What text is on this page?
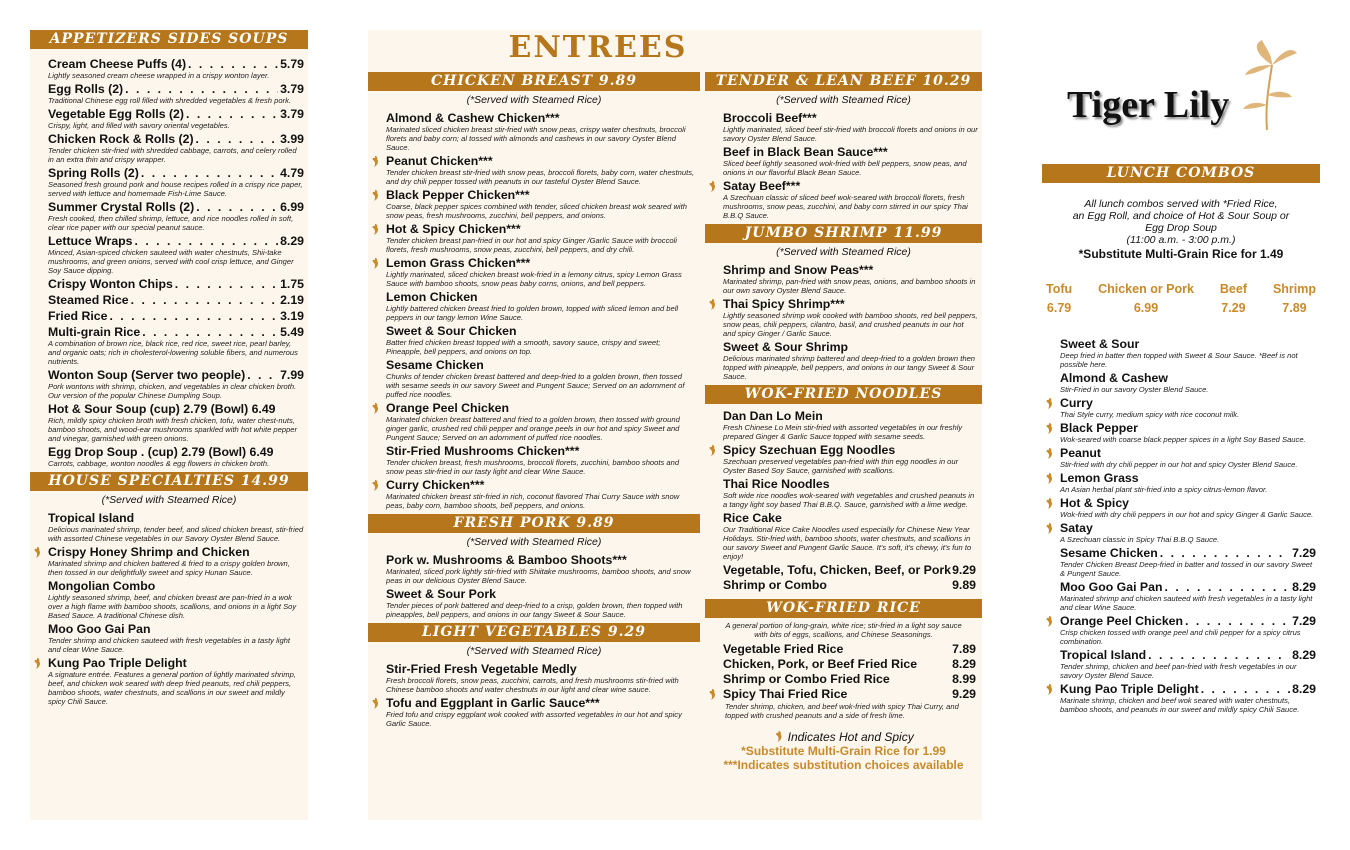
APPETIZERS SIDES SOUPS
Cream Cheese Puffs (4) . . .	5.79
Lightly seasoned cream cheese wrapped in a crispy wonton layer.
Egg Rolls (2) . . .	3.79
Traditional Chinese egg roll filled with shredded vegetables & fresh pork.
Vegetable Egg Rolls (2) . . .	3.79
Crispy, light, and filled with savory oriental vegetables.
Chicken Rock & Rolls (2) . . .	3.99
Tender chicken stir-fried with shredded cabbage, carrots, and celery rolled in an extra thin and crispy wrapper.
Spring Rolls (2) . . .	4.79
Seasoned fresh ground pork and house recipes rolled in a crispy rice paper, served with lettuce and homemade Fish-Lime Sauce.
Summer Crystal Rolls (2) . . .	6.99
Fresh cooked, then chilled shrimp, lettuce, and rice noodles rolled in soft, clear rice paper with our special peanut sauce.
Lettuce Wraps . . .	8.29
Minced, Asian-spiced chicken sauteed with water chestnuts, Shii-take mushrooms, and green onions, served with cool crisp lettuce, and Ginger Soy Sauce dipping.
Crispy Wonton Chips . . .	1.75
Steamed Rice . . .	2.19
Fried Rice . . .	3.19
Multi-grain Rice . . .	5.49
A combination of brown rice, black rice, red rice, sweet rice, pearl barley, and organic oats; rich in cholesterol-lowering soluble fibers, and numerous nutrients.
Wonton Soup (Server two people) . . .	7.99
Pork wontons with shrimp, chicken, and vegetables in clear chicken broth. Our version of the popular Chinese Dumpling Soup.
Hot & Sour Soup (cup) 2.79 (Bowl) 6.49
Rich, mildly spicy chicken broth with fresh chicken, tofu, water chest-nuts, bamboo shoots, and wood-ear mushrooms sparkled with hot white pepper and vinegar, garnished with green onions.
Egg Drop Soup . (cup) 2.79 (Bowl) 6.49
Carrots, cabbage, wonton noodles & egg flowers in chicken broth.
HOUSE SPECIALTIES 14.99
(*Served with Steamed Rice)
Tropical Island
Delicious marinated shrimp, tender beef, and sliced chicken breast, stir-fried with assorted Chinese vegetables in our Savory Oyster Blend Sauce.
Crispy Honey Shrimp and Chicken
Marinated shrimp and chicken battered & fried to a crispy golden brown, then tossed in our delightfully sweet and spicy Hunan Sauce.
Mongolian Combo
Lightly seasoned shrimp, beef, and chicken breast are pan-fried in a wok over a high flame with bamboo shoots, scallions, and onions in a light Soy Based Sauce. A traditional Chinese dish.
Moo Goo Gai Pan
Tender shrimp and chicken sauteed with fresh vegetables in a tasty light and clear Wine Sauce.
Kung Pao Triple Delight
A signature entrée. Features a general portion of lightly marinated shrimp, beef, and chicken wok seared with deep fried peanuts, red chili peppers, bamboo shoots, water chestnuts, and scallions in our sweet and mildly spicy Chili Sauce.
ENTREES
CHICKEN BREAST 9.89
(*Served with Steamed Rice)
Almond & Cashew Chicken***
Marinated sliced chicken breast stir-fried with snow peas, crispy water chestnuts, broccoli florets and baby corn; al tossed with almonds and cashews in our savory Oyster Blend Sauce.
Peanut Chicken***
Tender chicken breast stir-fried with snow peas, broccoli florets, baby corn, water chestnuts, and dry chili pepper tossed with peanuts in our tasteful Oyster Blend Sauce.
Black Pepper Chicken***
Coarse, black pepper spices combined with tender, sliced chicken breast wok seared with snow peas, fresh mushrooms, zucchini, bell peppers, and onions.
Hot & Spicy Chicken***
Tender chicken breast pan-fried in our hot and spicy Ginger /Garlic Sauce with broccoli florets, fresh mushrooms, snow peas, zucchini, bell peppers, and dry chili.
Lemon Grass Chicken***
Lightly marinated, sliced chicken breast wok-fried in a lemony citrus, spicy Lemon Grass Sauce with bamboo shoots, snow peas baby corns, onions, and bell peppers.
Lemon Chicken
Lightly battered chicken breast fried to golden brown, topped with sliced lemon and bell peppers in our tangy lemon Wine Sauce.
Sweet & Sour Chicken
Batter fried chicken breast topped with a smooth, savory sauce, crispy and sweet; Pineapple, bell peppers, and onions on top.
Sesame Chicken
Chunks of tender chicken breast battered and deep-fried to a golden brown, then tossed with sesame seeds in our savory Sweet and Pungent Sauce; Served on an adornment of puffed rice noodles.
Orange Peel Chicken
Marinated chicken breast battered and fried to a golden brown, then tossed with ground ginger garlic, crushed red chili pepper and orange peels in our hot and spicy Sweet and Pungent Sauce; Served on an adornment of puffed rice noodles.
Stir-Fried Mushrooms Chicken***
Tender chicken breast, fresh mushrooms, broccoli florets, zucchini, bamboo shoots and snow peas stir-fried in our tasty light and clear Wine Sauce.
Curry Chicken***
Marinated chicken breast stir-fried in rich, coconut flavored Thai Curry Sauce with snow peas, baby corn, bamboo shoots, bell peppers, and onions.
FRESH PORK 9.89
(*Served with Steamed Rice)
Pork w. Mushrooms & Bamboo Shoots***
Marinated, sliced pork lightly stir-fried with Shiitake mushrooms, bamboo shoots, and snow peas in our delicious Oyster Blend Sauce.
Sweet & Sour Pork
Tender pieces of pork battered and deep-fried to a crisp, golden brown, then topped with pineapples, bell peppers, and onions in our tangy Sweet & Sour Sauce.
LIGHT VEGETABLES 9.29
(*Served with Steamed Rice)
Stir-Fried Fresh Vegetable Medly
Fresh broccoli florets, snow peas, zucchini, carrots, and fresh mushrooms stir-fried with Chinese bamboo shoots and water chestnuts in our light and clear wine sauce.
Tofu and Eggplant in Garlic Sauce***
Fried tofu and crispy eggplant wok cooked with assorted vegetables in our hot and spicy Garlic Sauce.
TENDER & LEAN BEEF 10.29
(*Served with Steamed Rice)
Broccoli Beef***
Lightly marinated, sliced beef stir-fried with broccoli florets and onions in our savory Oyster Blend Sauce.
Beef in Black Bean Sauce***
Sliced beef lightly seasoned wok-fried with bell peppers, snow peas, and onions in our flavorful Black Bean Sauce.
Satay Beef***
A Szechuan classic of sliced beef wok-seared with broccoli florets, fresh mushrooms, snow peas, zucchini, and baby corn stirred in our spicy Thai B.B.Q Sauce.
JUMBO SHRIMP 11.99
(*Served with Steamed Rice)
Shrimp and Snow Peas***
Marinated shrimp, pan-fried with snow peas, onions, and bamboo shoots in our own savory Oyster Blend Sauce.
Thai Spicy Shrimp***
Lightly seasoned shrimp wok cooked with bamboo shoots, red bell peppers, snow peas, chili peppers, cilantro, basil, and crushed peanuts in our hot and spicy Ginger / Garlic Sauce.
Sweet & Sour Shrimp
Delicious marinated shrimp battered and deep-fried to a golden brown then topped with pineapple, bell peppers, and onions in our tangy Sweet & Sour Sauce.
WOK-FRIED NOODLES
Dan Dan Lo Mein
Fresh Chinese Lo Mein stir-fried with assorted vegetables in our freshly prepared Ginger & Garlic Sauce topped with sesame seeds.
Spicy Szechuan Egg Noodles
Szechuan preserved vegetables pan-fried with thin egg noodles in our Oyster Based Soy Sauce, garnished with scallions.
Thai Rice Noodles
Soft wide rice noodles wok-seared with vegetables and crushed peanuts in a tangy light soy based Thai B.B.Q. Sauce, garnished with a lime wedge.
Rice Cake
Our Traditional Rice Cake Noodles used especially for Chinese New Year Holidays. Stir-fried with, bamboo shoots, water chestnuts, and scallions in our savory Sweet and Pungent Garlic Sauce. It's soft, it's chewy, it's fun to enjoy!
Vegetable, Tofu, Chicken, Beef, or Pork 9.29
Shrimp or Combo	9.89
WOK-FRIED RICE
A general portion of long-grain, white rice; stir-fried in a light soy sauce with bits of eggs, scallions, and Chinese Seasonings.
Vegetable Fried Rice	7.89
Chicken, Pork, or Beef Fried Rice	8.29
Shrimp or Combo Fried Rice	8.99
Spicy Thai Fried Rice	9.29
Tender shrimp, chicken, and beef wok-fried with spicy Thai Curry, and topped with crushed peanuts and a side of fresh lime.
Indicates Hot and Spicy
*Substitute Multi-Grain Rice for 1.99
***Indicates substitution choices available
Tiger Lily
LUNCH COMBOS
All lunch combos served with *Fried Rice,
an Egg Roll, and choice of Hot & Sour Soup or Egg Drop Soup
(11:00 a.m. - 3:00 p.m.)
*Substitute Multi-Grain Rice for 1.49
Tofu
6.79
Chicken or Pork
6.99
Beef
7.29
Shrimp
7.89
Sweet & Sour
Deep fried in batter then topped with Sweet & Sour Sauce. *Beef is not possible here.
Almond & Cashew
Stir-Fried in our savory Oyster Blend Sauce.
Curry
Thai Style curry, medium spicy with rice coconut milk.
Black Pepper
Wok-seared with coarse black pepper spices in a light Soy Based Sauce.
Peanut
Stir-fried with dry chili pepper in our hot and spicy Oyster Blend Sauce.
Lemon Grass
An Asian herbal plant stir-fried into a spicy citrus-lemon flavor.
Hot & Spicy
Wok-fried with dry chili peppers in our hot and spicy Ginger & Garlic Sauce.
Satay
A Szechuan classic in Spicy Thai B.B.Q Sauce.
Sesame Chicken . . .	7.29
Tender Chicken Breast Deep-fried in batter and tossed in our savory Sweet & Pungent Sauce.
Moo Goo Gai Pan . . .	8.29
Marinated shrimp and chicken sauteed with fresh vegetables in a tasty light and clear Wine Sauce.
Orange Peel Chicken . . .	7.29
Crisp chicken tossed with orange peel and chili pepper for a spicy citrus combination.
Tropical Island . . .	8.29
Tender shrimp, chicken and beef pan-fried with fresh vegetables in our savory Oyster Blend Sauce.
Kung Pao Triple Delight . . .	8.29
Marinate shrimp, chicken and beef wok seared with water chestnuts, bamboo shoots, and peanuts in our sweet and mildly spicy Chili Sauce.
